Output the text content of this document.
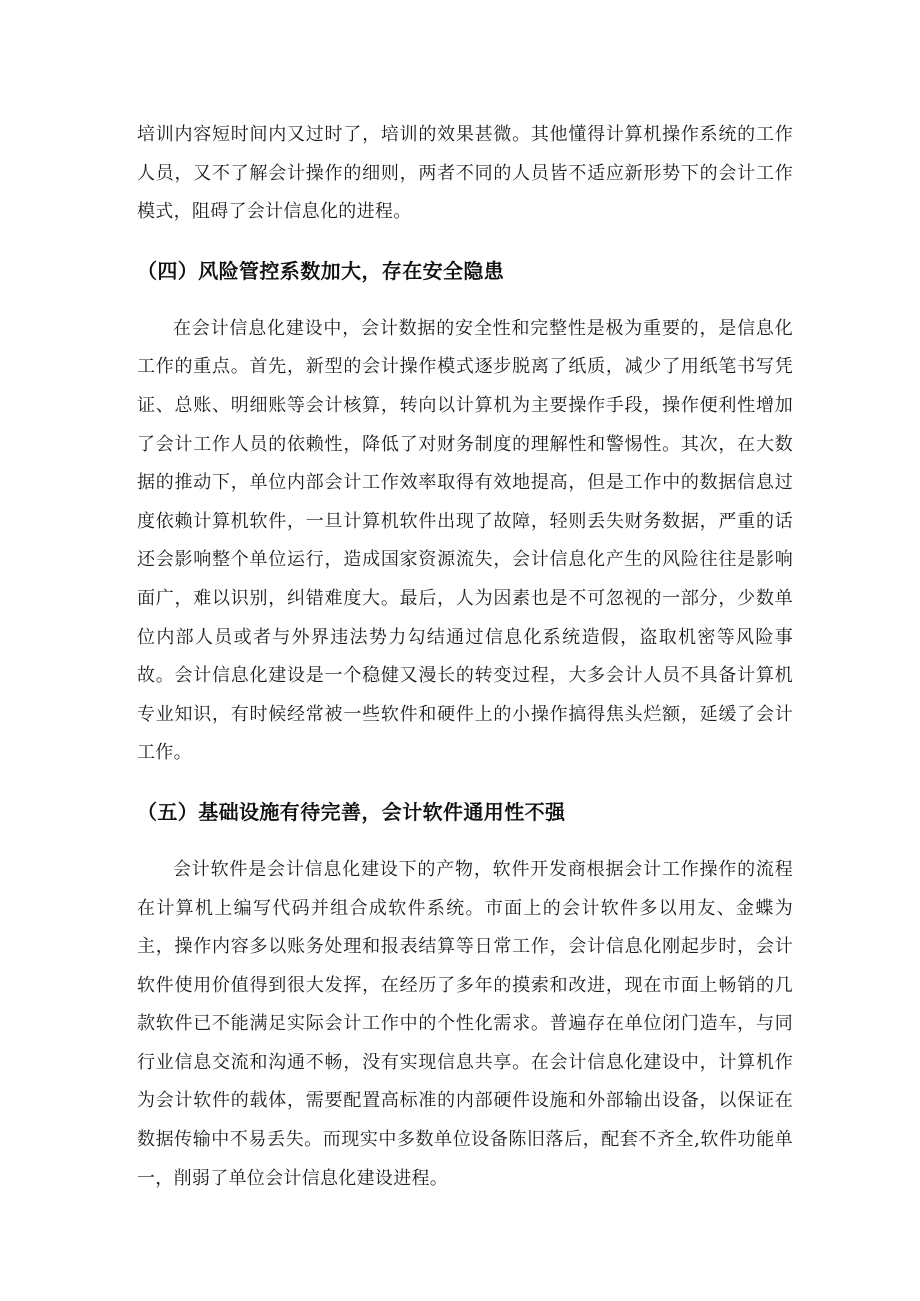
培训内容短时间内又过时了，培训的效果甚微。其他懂得计算机操作系统的工作人员，又不了解会计操作的细则，两者不同的人员皆不适应新形势下的会计工作模式，阻碍了会计信息化的进程。

（四）风险管控系数加大，存在安全隐患

在会计信息化建设中，会计数据的安全性和完整性是极为重要的，是信息化工作的重点。首先，新型的会计操作模式逐步脱离了纸质，减少了用纸笔书写凭证、总账、明细账等会计核算，转向以计算机为主要操作手段，操作便利性增加了会计工作人员的依赖性，降低了对财务制度的理解性和警惕性。其次，在大数据的推动下，单位内部会计工作效率取得有效地提高，但是工作中的数据信息过度依赖计算机软件，一旦计算机软件出现了故障，轻则丢失财务数据，严重的话还会影响整个单位运行，造成国家资源流失，会计信息化产生的风险往往是影响面广，难以识别，纠错难度大。最后，人为因素也是不可忽视的一部分，少数单位内部人员或者与外界违法势力勾结通过信息化系统造假，盗取机密等风险事故。会计信息化建设是一个稳健又漫长的转变过程，大多会计人员不具备计算机专业知识，有时候经常被一些软件和硬件上的小操作搞得焦头烂额，延缓了会计工作。

（五）基础设施有待完善，会计软件通用性不强

会计软件是会计信息化建设下的产物，软件开发商根据会计工作操作的流程在计算机上编写代码并组合成软件系统。市面上的会计软件多以用友、金蝶为主，操作内容多以账务处理和报表结算等日常工作，会计信息化刚起步时，会计软件使用价值得到很大发挥，在经历了多年的摸索和改进，现在市面上畅销的几款软件已不能满足实际会计工作中的个性化需求。普遍存在单位闭门造车，与同行业信息交流和沟通不畅，没有实现信息共享。在会计信息化建设中，计算机作为会计软件的载体，需要配置高标准的内部硬件设施和外部输出设备，以保证在数据传输中不易丢失。而现实中多数单位设备陈旧落后，配套不齐全,软件功能单一，削弱了单位会计信息化建设进程。
